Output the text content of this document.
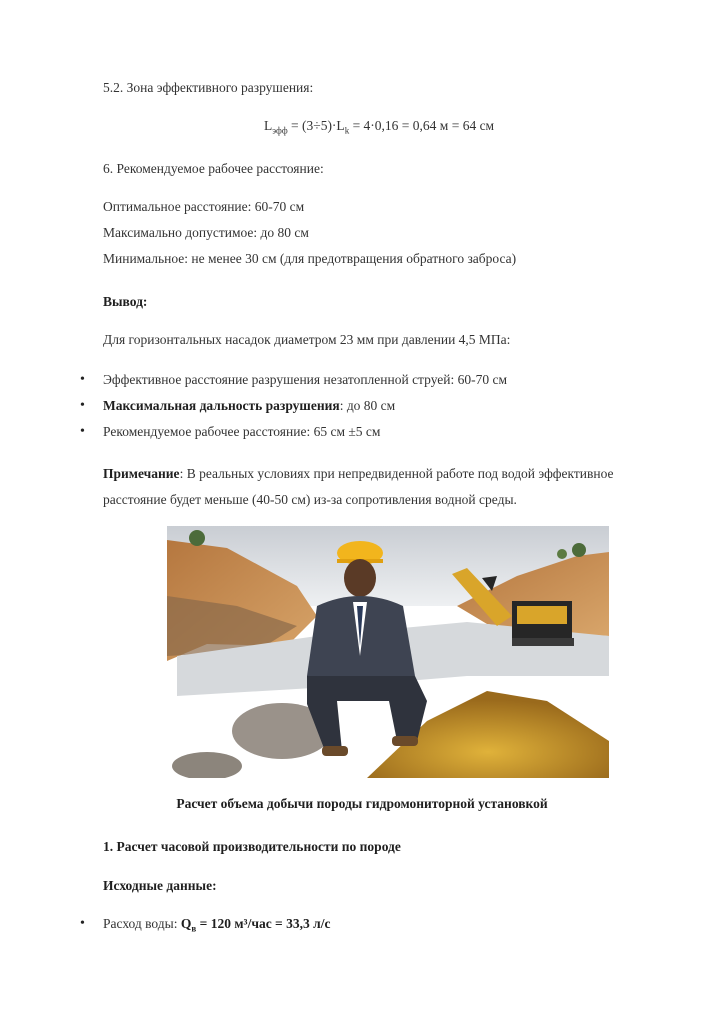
5.2. Зона эффективного разрушения:
$L_{эфф} = (3\div 5)\cdot L_k = 4\cdot 0,16 = 0,64$ м = 64 см
6. Рекомендуемое рабочее расстояние:
Оптимальное расстояние: 60-70 см
Максимально допустимое: до 80 см
Минимальное: не менее 30 см (для предотвращения обратного заброса)
Вывод:
Для горизонтальных насадок диаметром 23 мм при давлении 4,5 МПа:
• Эффективное расстояние разрушения незатопленной струей: 60-70 см
• Максимальная дальность разрушения: до 80 см
• Рекомендуемое рабочее расстояние: 65 см ±5 см
Примечание: В реальных условиях при непредвиденной работе под водой эффективное
расстояние будет меньше (40-50 см) из-за сопротивления водной среды.
Расчет объема добычи породы гидромониторной установкой
1. Расчет часовой производительности по породе
Исходные данные:
• Расход воды: $Q_в = 120$ м³/час = 33,3 л/с
